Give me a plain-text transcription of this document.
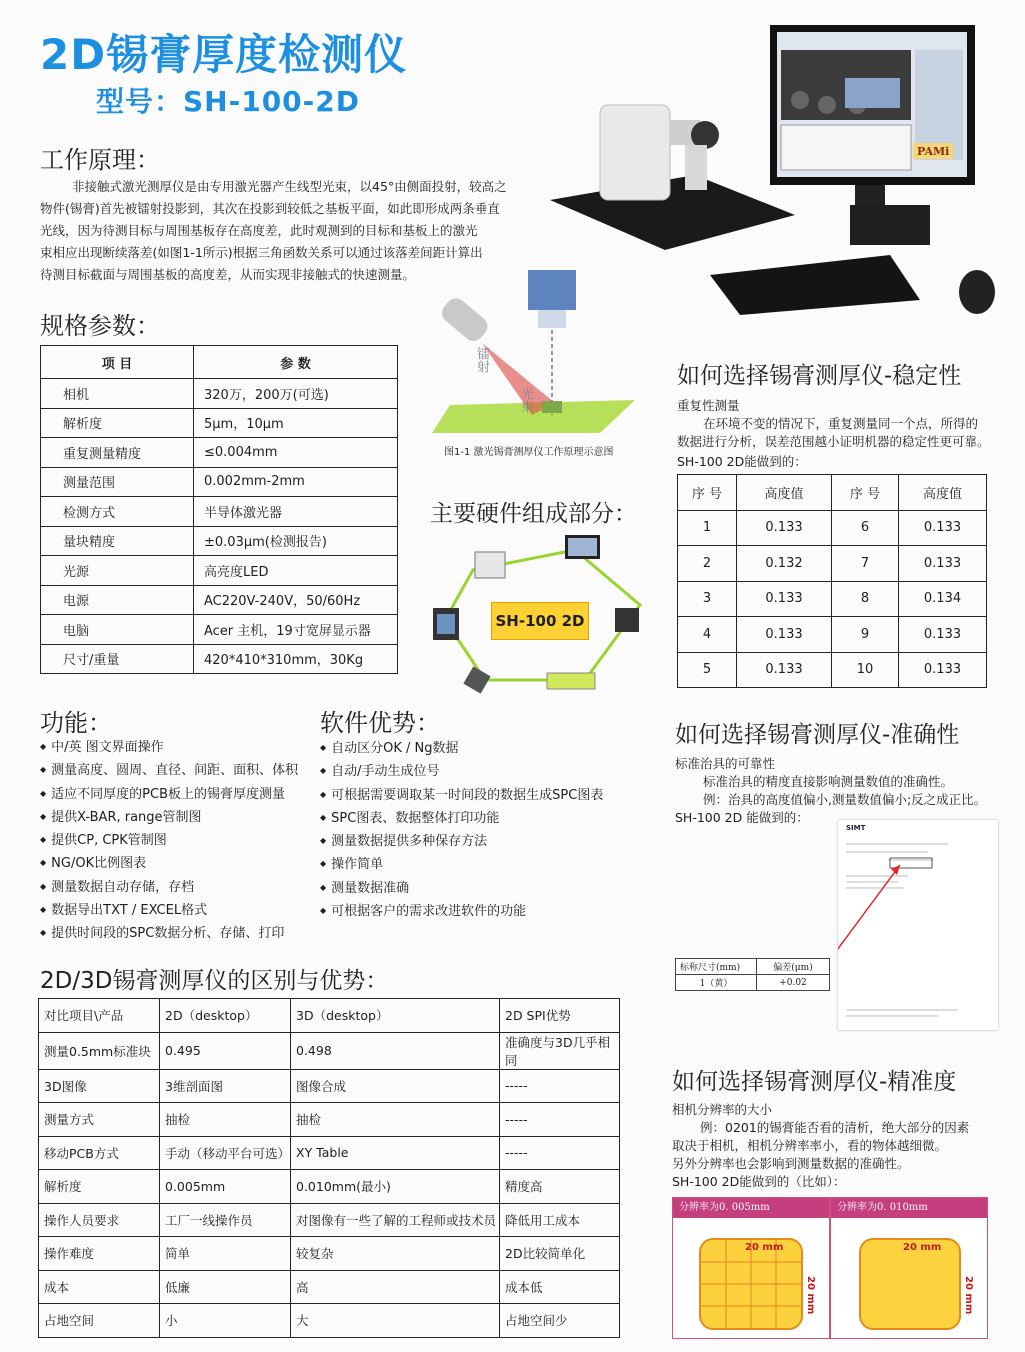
2D锡膏厚度检测仪
型号：SH-100-2D
PAMi
工作原理：
非接触式激光测厚仪是由专用激光器产生线型光束，以45°由侧面投射，较高之
物件(锡膏)首先被镭射投影到，其次在投影到较低之基板平面，如此即形成两条垂直
光线，因为待测目标与周围基板存在高度差，此时观测到的目标和基板上的激光
束相应出现断续落差(如图1-1所示)根据三角函数关系可以通过该落差间距计算出
待测目标截面与周围基板的高度差，从而实现非接触式的快速测量。
镭射
光束
图1-1 激光锡膏测厚仪工作原理示意图
规格参数：
项 目	参 数
相机	320万，200万(可选)
解析度	5μm，10μm
重复测量精度	≤0.004mm
测量范围	0.002mm-2mm
检测方式	半导体激光器
量块精度	±0.03μm(检测报告)
光源	高亮度LED
电源	AC220V-240V，50/60Hz
电脑	Acer 主机，19寸宽屏显示器
尺寸/重量	420*410*310mm，30Kg
主要硬件组成部分：
SH-100 2D
功能：
◆ 中/英 图文界面操作
◆ 测量高度、圆周、直径、间距、面积、体积
◆ 适应不同厚度的PCB板上的锡膏厚度测量
◆ 提供X-BAR, range管制图
◆ 提供CP, CPK管制图
◆ NG/OK比例图表
◆ 测量数据自动存储，存档
◆ 数据导出TXT / EXCEL格式
◆ 提供时间段的SPC数据分析、存储、打印
软件优势：
◆ 自动区分OK / Ng数据
◆ 自动/手动生成位号
◆ 可根据需要调取某一时间段的数据生成SPC图表
◆ SPC图表、数据整体打印功能
◆ 测量数据提供多种保存方法
◆ 操作简单
◆ 测量数据准确
◆ 可根据客户的需求改进软件的功能
2D/3D锡膏测厚仪的区别与优势：
对比项目\产品	2D（desktop）	3D（desktop）	2D SPI优势
测量0.5mm标准块	0.495	0.498	准确度与3D几乎相同
3D图像	3维剖面图	图像合成	-----
测量方式	抽检	抽检	-----
移动PCB方式	手动（移动平台可选）	XY Table	-----
解析度	0.005mm	0.010mm(最小)	精度高
操作人员要求	工厂一线操作员	对图像有一些了解的工程师或技术员	降低用工成本
操作难度	简单	较复杂	2D比较简单化
成本	低廉	高	成本低
占地空间	小	大	占地空间少
如何选择锡膏测厚仪-稳定性
重复性测量
在环境不变的情况下，重复测量同一个点，所得的
数据进行分析，误差范围越小证明机器的稳定性更可靠。
SH-100 2D能做到的：
序 号	高度值	序 号	高度值
1	0.133	6	0.133
2	0.132	7	0.133
3	0.133	8	0.134
4	0.133	9	0.133
5	0.133	10	0.133
如何选择锡膏测厚仪-准确性
标准治具的可靠性
标准治具的精度直接影响测量数值的准确性。
例：治具的高度值偏小,测量数值偏小;反之成正比。
SH-100 2D 能做到的：
SIMT
标称尺寸(mm)	偏差(μm)
1（黄）	+0.02
如何选择锡膏测厚仪-精准度
相机分辨率的大小
例：0201的锡膏能否看的清析，绝大部分的因素
取决于相机，相机分辨率率小，看的物体越细微。
另外分辨率也会影响到测量数据的准确性。
SH-100 2D能做到的（比如）：
分辨率为0. 005mm
20 mm
20 mm
分辨率为0. 010mm
20 mm
20 mm
